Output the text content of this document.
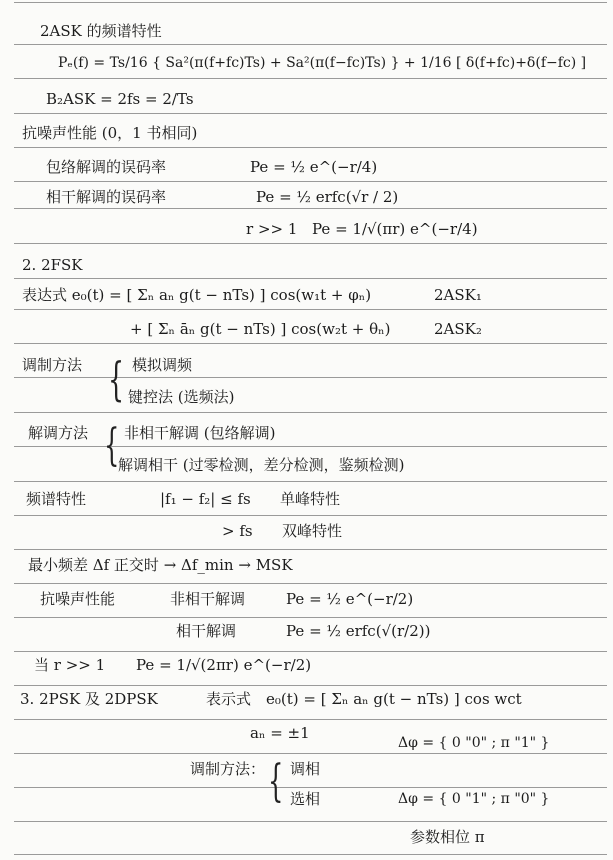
2ASK 的频谱特性
Pₑ(f) = Ts/16 { Sa²(π(f+fc)Ts) + Sa²(π(f−fc)Ts) } + 1/16 [ δ(f+fc)+δ(f−fc) ]
B₂ASK = 2fs = 2/Ts
抗噪声性能 (0，1 书相同)
包络解调的误码率	Pe = ½ e^(−r/4)
相干解调的误码率	Pe = ½ erfc(√r / 2)
r >> 1 Pe = 1/√(πr) e^(−r/4)
2. 2FSK
表达式 e₀(t) = [ Σₙ aₙ g(t − nTs) ] cos(w₁t + φₙ)	2ASK₁
+ [ Σₙ āₙ g(t − nTs) ] cos(w₂t + θₙ)	2ASK₂
调制方法 { 模拟调频
键控法 (选频法)
解调方法 { 非相干解调 (包络解调)
解调相干 (过零检测，差分检测，鉴频检测)
频谱特性	|f₁ − f₂| ≤ fs 单峰特性
> fs 双峰特性
最小频差 Δf 正交时 → Δf_min → MSK
抗噪声性能	非相干解调	Pe = ½ e^(−r/2)
相干解调	Pe = ½ erfc(√(r/2))
当 r >> 1 Pe = 1/√(2πr) e^(−r/2)
3. 2PSK 及 2DPSK	表示式 e₀(t) = [ Σₙ aₙ g(t − nTs) ] cos wct
aₙ = ±1
Δφ = { 0 "0" ; π "1" }
调制方法： { 调相
选相	Δφ = { 0 "1" ; π "0" }
参数相位 π
